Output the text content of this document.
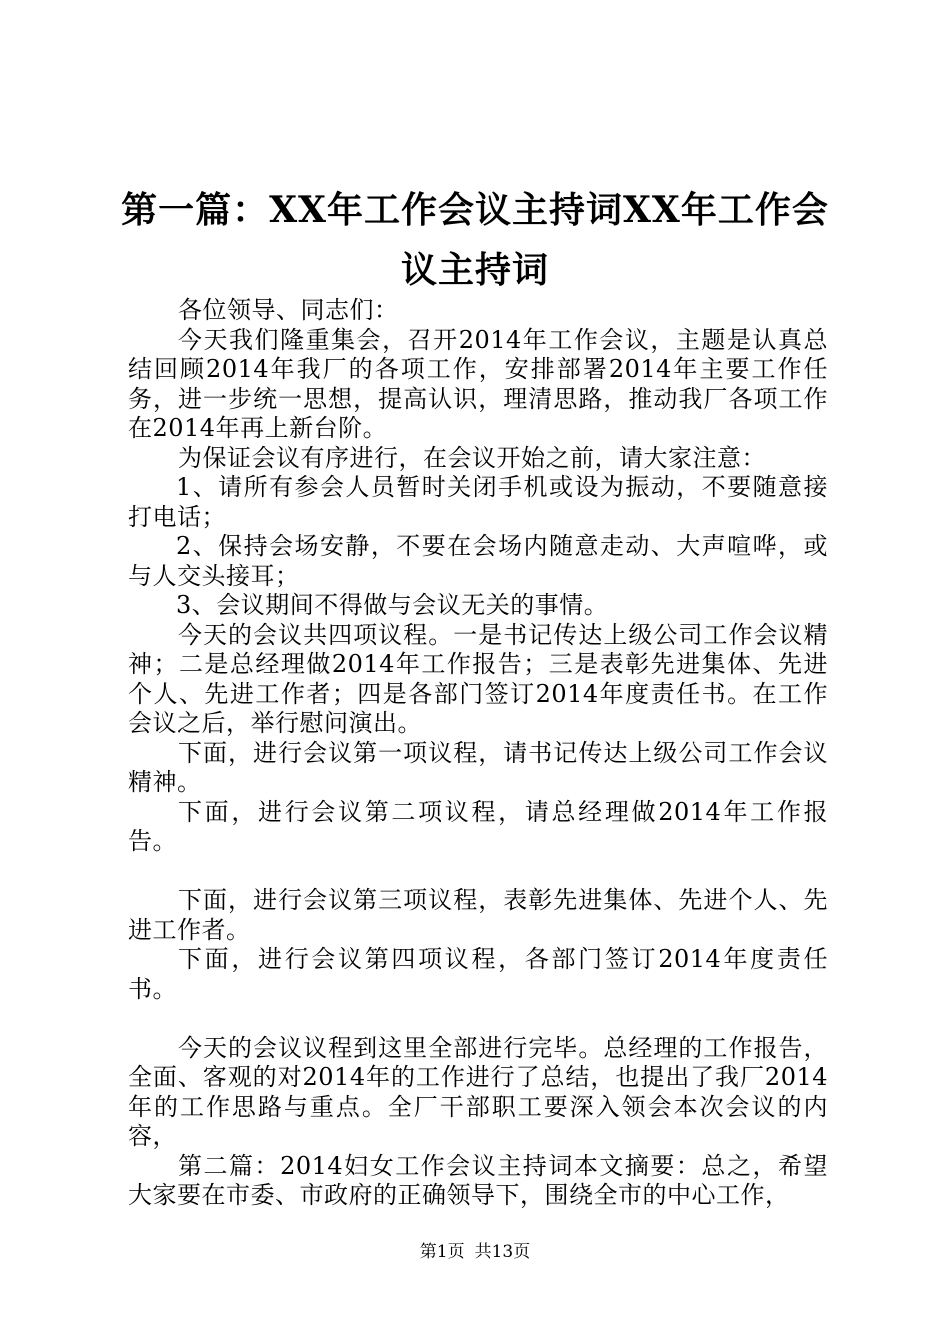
第一篇：XX年工作会议主持词XX年工作会议主持词

各位领导、同志们：

今天我们隆重集会，召开2014年工作会议，主题是认真总结回顾2014年我厂的各项工作，安排部署2014年主要工作任务，进一步统一思想，提高认识，理清思路，推动我厂各项工作在2014年再上新台阶。

为保证会议有序进行，在会议开始之前，请大家注意：

1、请所有参会人员暂时关闭手机或设为振动，不要随意接打电话；

2、保持会场安静，不要在会场内随意走动、大声喧哗，或与人交头接耳；

3、会议期间不得做与会议无关的事情。

今天的会议共四项议程。一是书记传达上级公司工作会议精神；二是总经理做2014年工作报告；三是表彰先进集体、先进个人、先进工作者；四是各部门签订2014年度责任书。在工作会议之后，举行慰问演出。

下面，进行会议第一项议程，请书记传达上级公司工作会议精神。

下面，进行会议第二项议程，请总经理做2014年工作报告。

下面，进行会议第三项议程，表彰先进集体、先进个人、先进工作者。

下面，进行会议第四项议程，各部门签订2014年度责任书。

今天的会议议程到这里全部进行完毕。总经理的工作报告，全面、客观的对2014年的工作进行了总结，也提出了我厂2014年的工作思路与重点。全厂干部职工要深入领会本次会议的内容，

第二篇：2014妇女工作会议主持词本文摘要：总之，希望大家要在市委、市政府的正确领导下，围绕全市的中心工作，

第1页 共13页
